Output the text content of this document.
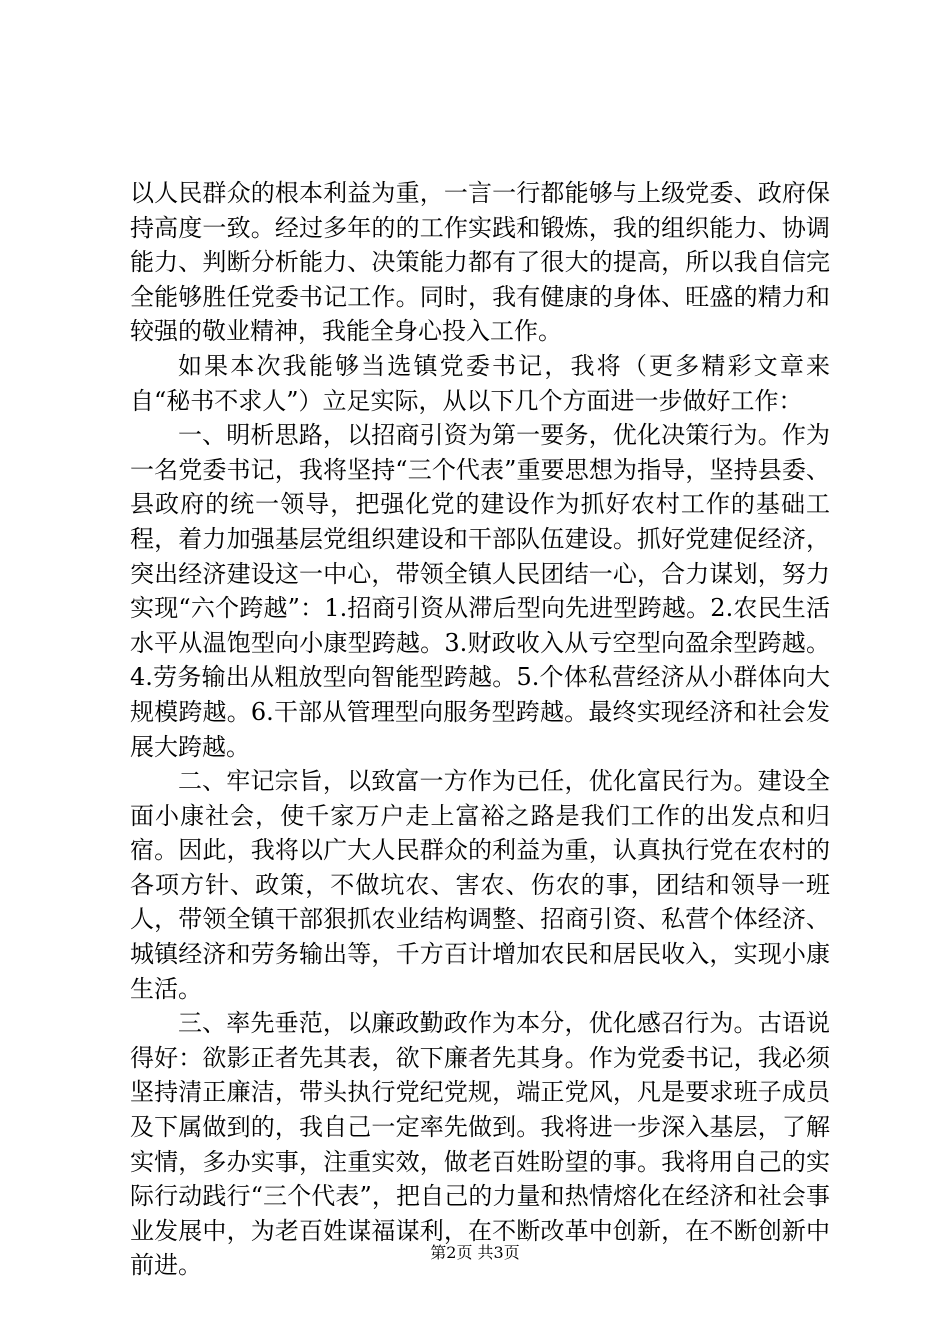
以人民群众的根本利益为重，一言一行都能够与上级党委、政府保持高度一致。经过多年的的工作实践和锻炼，我的组织能力、协调能力、判断分析能力、决策能力都有了很大的提高，所以我自信完全能够胜任党委书记工作。同时，我有健康的身体、旺盛的精力和较强的敬业精神，我能全身心投入工作。

如果本次我能够当选镇党委书记，我将（更多精彩文章来自“秘书不求人”）立足实际，从以下几个方面进一步做好工作：

一、明析思路，以招商引资为第一要务，优化决策行为。作为一名党委书记，我将坚持“三个代表”重要思想为指导，坚持县委、县政府的统一领导，把强化党的建设作为抓好农村工作的基础工程，着力加强基层党组织建设和干部队伍建设。抓好党建促经济，突出经济建设这一中心，带领全镇人民团结一心，合力谋划，努力实现“六个跨越”：1.招商引资从滞后型向先进型跨越。2.农民生活水平从温饱型向小康型跨越。3.财政收入从亏空型向盈余型跨越。4.劳务输出从粗放型向智能型跨越。5.个体私营经济从小群体向大规模跨越。6.干部从管理型向服务型跨越。最终实现经济和社会发展大跨越。

二、牢记宗旨，以致富一方作为已任，优化富民行为。建设全面小康社会，使千家万户走上富裕之路是我们工作的出发点和归宿。因此，我将以广大人民群众的利益为重，认真执行党在农村的各项方针、政策，不做坑农、害农、伤农的事，团结和领导一班人，带领全镇干部狠抓农业结构调整、招商引资、私营个体经济、城镇经济和劳务输出等，千方百计增加农民和居民收入，实现小康生活。

三、率先垂范，以廉政勤政作为本分，优化感召行为。古语说得好：欲影正者先其表，欲下廉者先其身。作为党委书记，我必须坚持清正廉洁，带头执行党纪党规，端正党风，凡是要求班子成员及下属做到的，我自己一定率先做到。我将进一步深入基层，了解实情，多办实事，注重实效，做老百姓盼望的事。我将用自己的实际行动践行“三个代表”，把自己的力量和热情熔化在经济和社会事业发展中，为老百姓谋福谋利，在不断改革中创新，在不断创新中前进。	第2页 共3页
